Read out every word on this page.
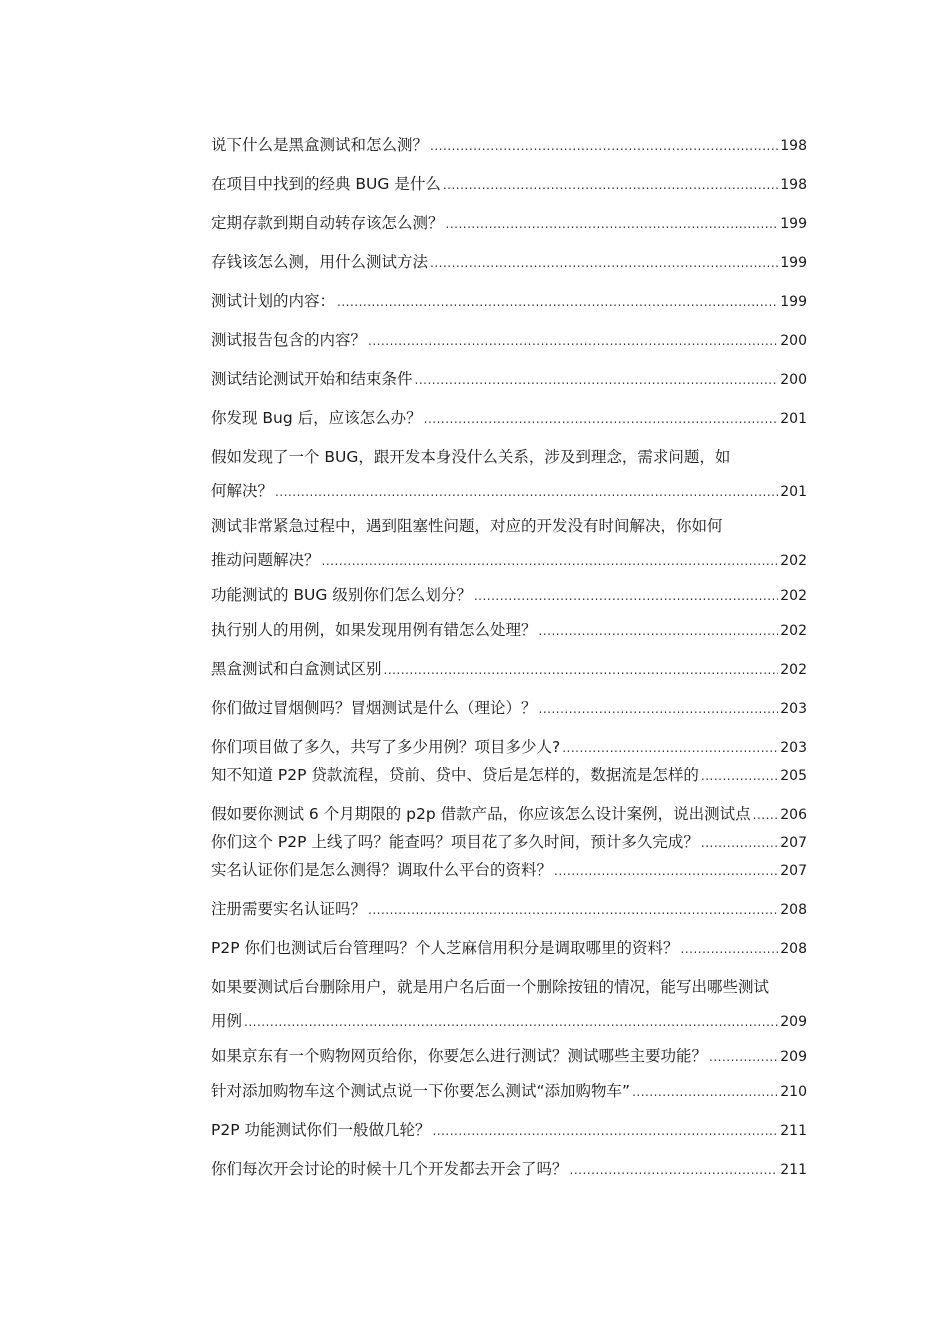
说下什么是黑盒测试和怎么测？ .....	198
在项目中找到的经典 BUG 是什么 .....	198
定期存款到期自动转存该怎么测？ .....	199
存钱该怎么测，用什么测试方法 .....	199
测试计划的内容： .....	199
测试报告包含的内容？ .....	200
测试结论测试开始和结束条件 .....	200
你发现 Bug 后，应该怎么办？ .....	201
假如发现了一个 BUG，跟开发本身没什么关系，涉及到理念，需求问题，如
何解决？ .....	201
测试非常紧急过程中，遇到阻塞性问题，对应的开发没有时间解决，你如何
推动问题解决？ .....	202
功能测试的 BUG 级别你们怎么划分？ .....	202
执行别人的用例，如果发现用例有错怎么处理？ .....	202
黑盒测试和白盒测试区别 .....	202
你们做过冒烟侧吗？冒烟测试是什么（理论）？ .....	203
你们项目做了多久，共写了多少用例？项目多少人? .....	203
知不知道 P2P 贷款流程，贷前、贷中、贷后是怎样的，数据流是怎样的 .....	205
假如要你测试 6 个月期限的 p2p 借款产品，你应该怎么设计案例，说出测试点 ..... 206
你们这个 P2P 上线了吗？能查吗？项目花了多久时间，预计多久完成？ .....	207
实名认证你们是怎么测得？调取什么平台的资料？ .....	207
注册需要实名认证吗？ .....	208
P2P 你们也测试后台管理吗？个人芝麻信用积分是调取哪里的资料？ .....	208
如果要测试后台删除用户，就是用户名后面一个删除按钮的情况，能写出哪些测试
用例 .....	209
如果京东有一个购物网页给你，你要怎么进行测试？测试哪些主要功能？ .....	209
针对添加购物车这个测试点说一下你要怎么测试“添加购物车” .....	210
P2P 功能测试你们一般做几轮？ .....	211
你们每次开会讨论的时候十几个开发都去开会了吗？ .....	211
